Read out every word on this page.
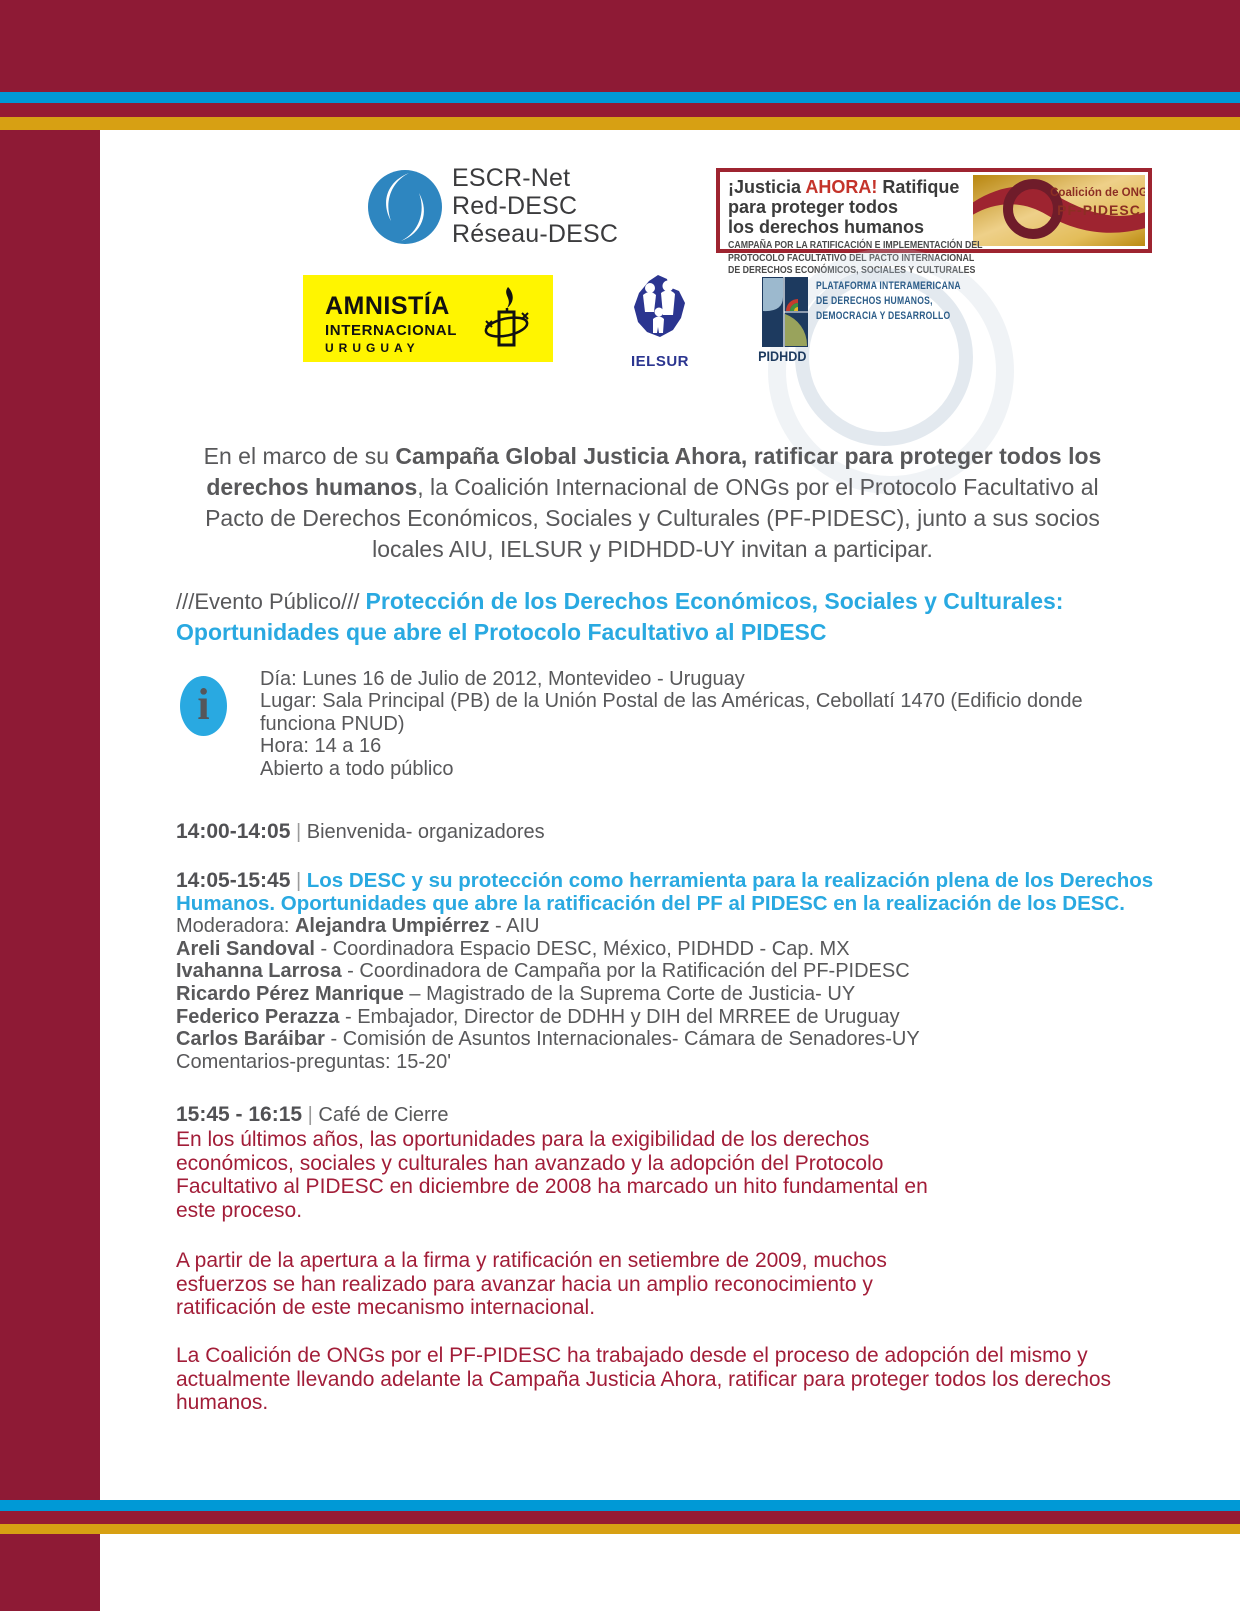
ESCR-Net
Red-DESC
Réseau-DESC
¡Justicia AHORA! Ratifique
para proteger todos
los derechos humanos
CAMPAÑA POR LA RATIFICACIÓN E IMPLEMENTACIÓN DEL
PROTOCOLO FACULTATIVO DEL PACTO INTERNACIONAL
DE DERECHOS ECONÓMICOS, SOCIALES Y CULTURALES
Coalición de ONG
PF-PIDESC
AMNISTÍA
INTERNACIONAL
URUGUAY
IELSUR	PIDHDD
PLATAFORMA INTERAMERICANA
DE DERECHOS HUMANOS,
DEMOCRACIA Y DESARROLLO
En el marco de su Campaña Global Justicia Ahora, ratificar para proteger todos los
derechos humanos, la Coalición Internacional de ONGs por el Protocolo Facultativo al
Pacto de Derechos Económicos, Sociales y Culturales (PF-PIDESC), junto a sus socios
locales AIU, IELSUR y PIDHDD-UY invitan a participar.
///Evento Público/// Protección de los Derechos Económicos, Sociales y Culturales:
Oportunidades que abre el Protocolo Facultativo al PIDESC
i
Día: Lunes 16 de Julio de 2012, Montevideo - Uruguay
Lugar: Sala Principal (PB) de la Unión Postal de las Américas, Cebollatí 1470 (Edificio donde
funciona PNUD)
Hora: 14 a 16
Abierto a todo público
14:00-14:05 | Bienvenida- organizadores
14:05-15:45 | Los DESC y su protección como herramienta para la realización plena de los Derechos
Humanos. Oportunidades que abre la ratificación del PF al PIDESC en la realización de los DESC.
Moderadora: Alejandra Umpiérrez - AIU
Areli Sandoval - Coordinadora Espacio DESC, México, PIDHDD - Cap. MX
Ivahanna Larrosa - Coordinadora de Campaña por la Ratificación del PF-PIDESC
Ricardo Pérez Manrique – Magistrado de la Suprema Corte de Justicia- UY
Federico Perazza - Embajador, Director de DDHH y DIH del MRREE de Uruguay
Carlos Baráibar - Comisión de Asuntos Internacionales- Cámara de Senadores-UY
Comentarios-preguntas: 15-20'
15:45 - 16:15 | Café de Cierre
En los últimos años, las oportunidades para la exigibilidad de los derechos
económicos, sociales y culturales han avanzado y la adopción del Protocolo
Facultativo al PIDESC en diciembre de 2008 ha marcado un hito fundamental en
este proceso.
A partir de la apertura a la firma y ratificación en setiembre de 2009, muchos
esfuerzos se han realizado para avanzar hacia un amplio reconocimiento y
ratificación de este mecanismo internacional.
La Coalición de ONGs por el PF-PIDESC ha trabajado desde el proceso de adopción del mismo y
actualmente llevando adelante la Campaña Justicia Ahora, ratificar para proteger todos los derechos
humanos.
